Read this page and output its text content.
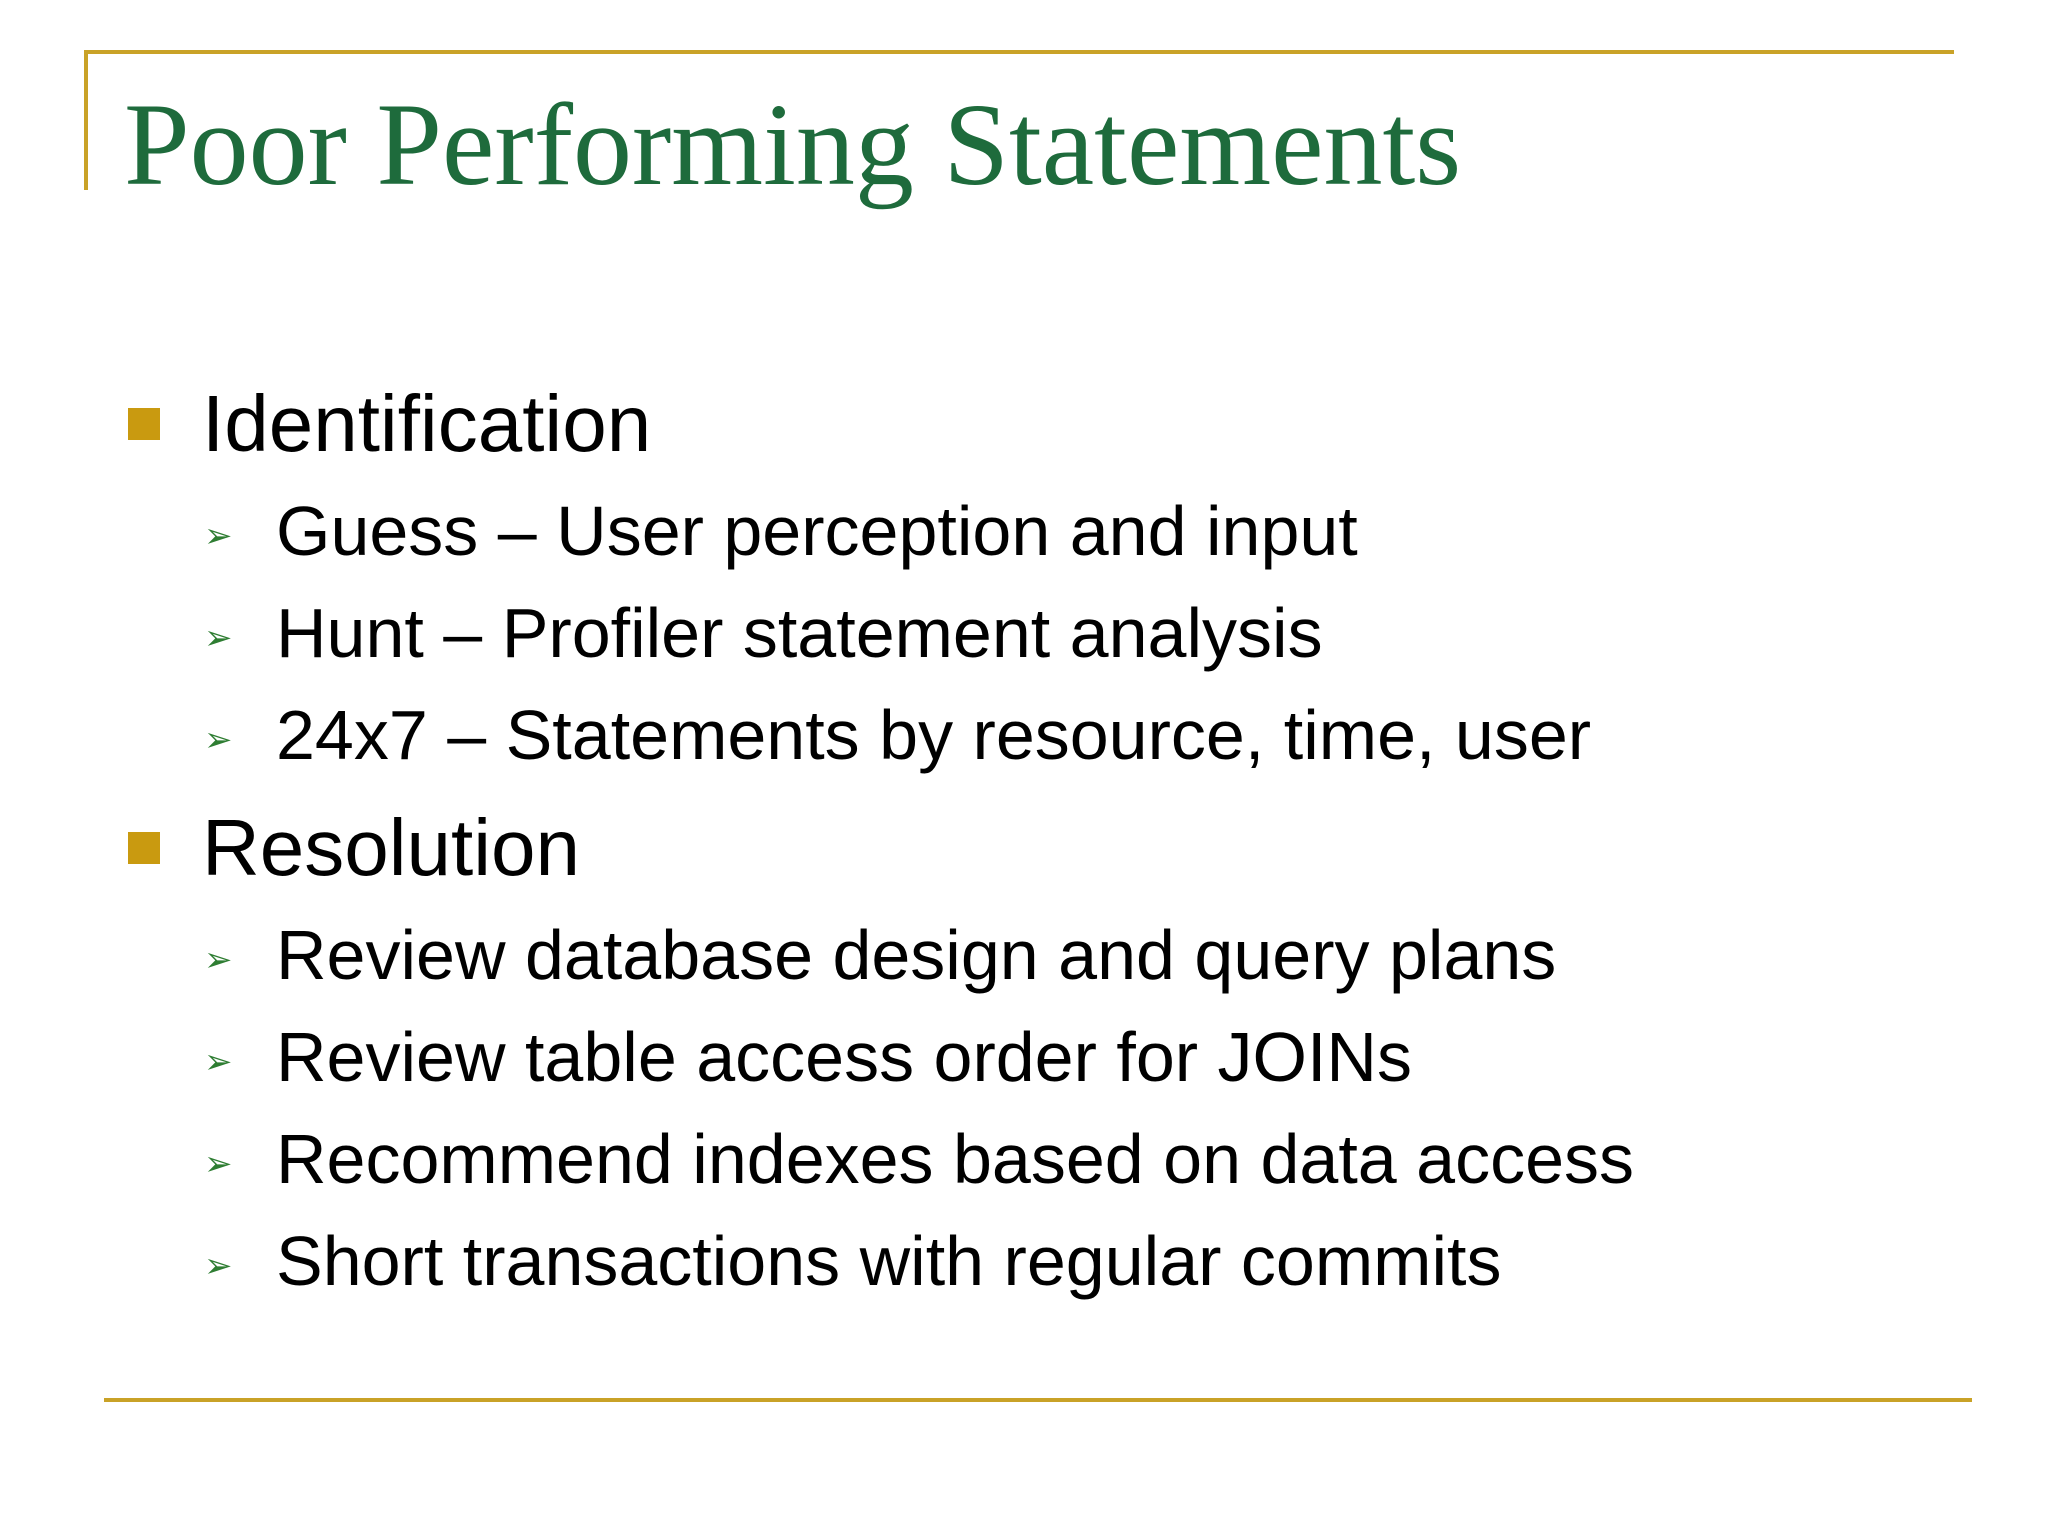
Poor Performing Statements
Identification
➢ Guess – User perception and input
➢ Hunt – Profiler statement analysis
➢ 24x7 – Statements by resource, time, user
Resolution
➢ Review database design and query plans
➢ Review table access order for JOINs
➢ Recommend indexes based on data access
➢ Short transactions with regular commits
